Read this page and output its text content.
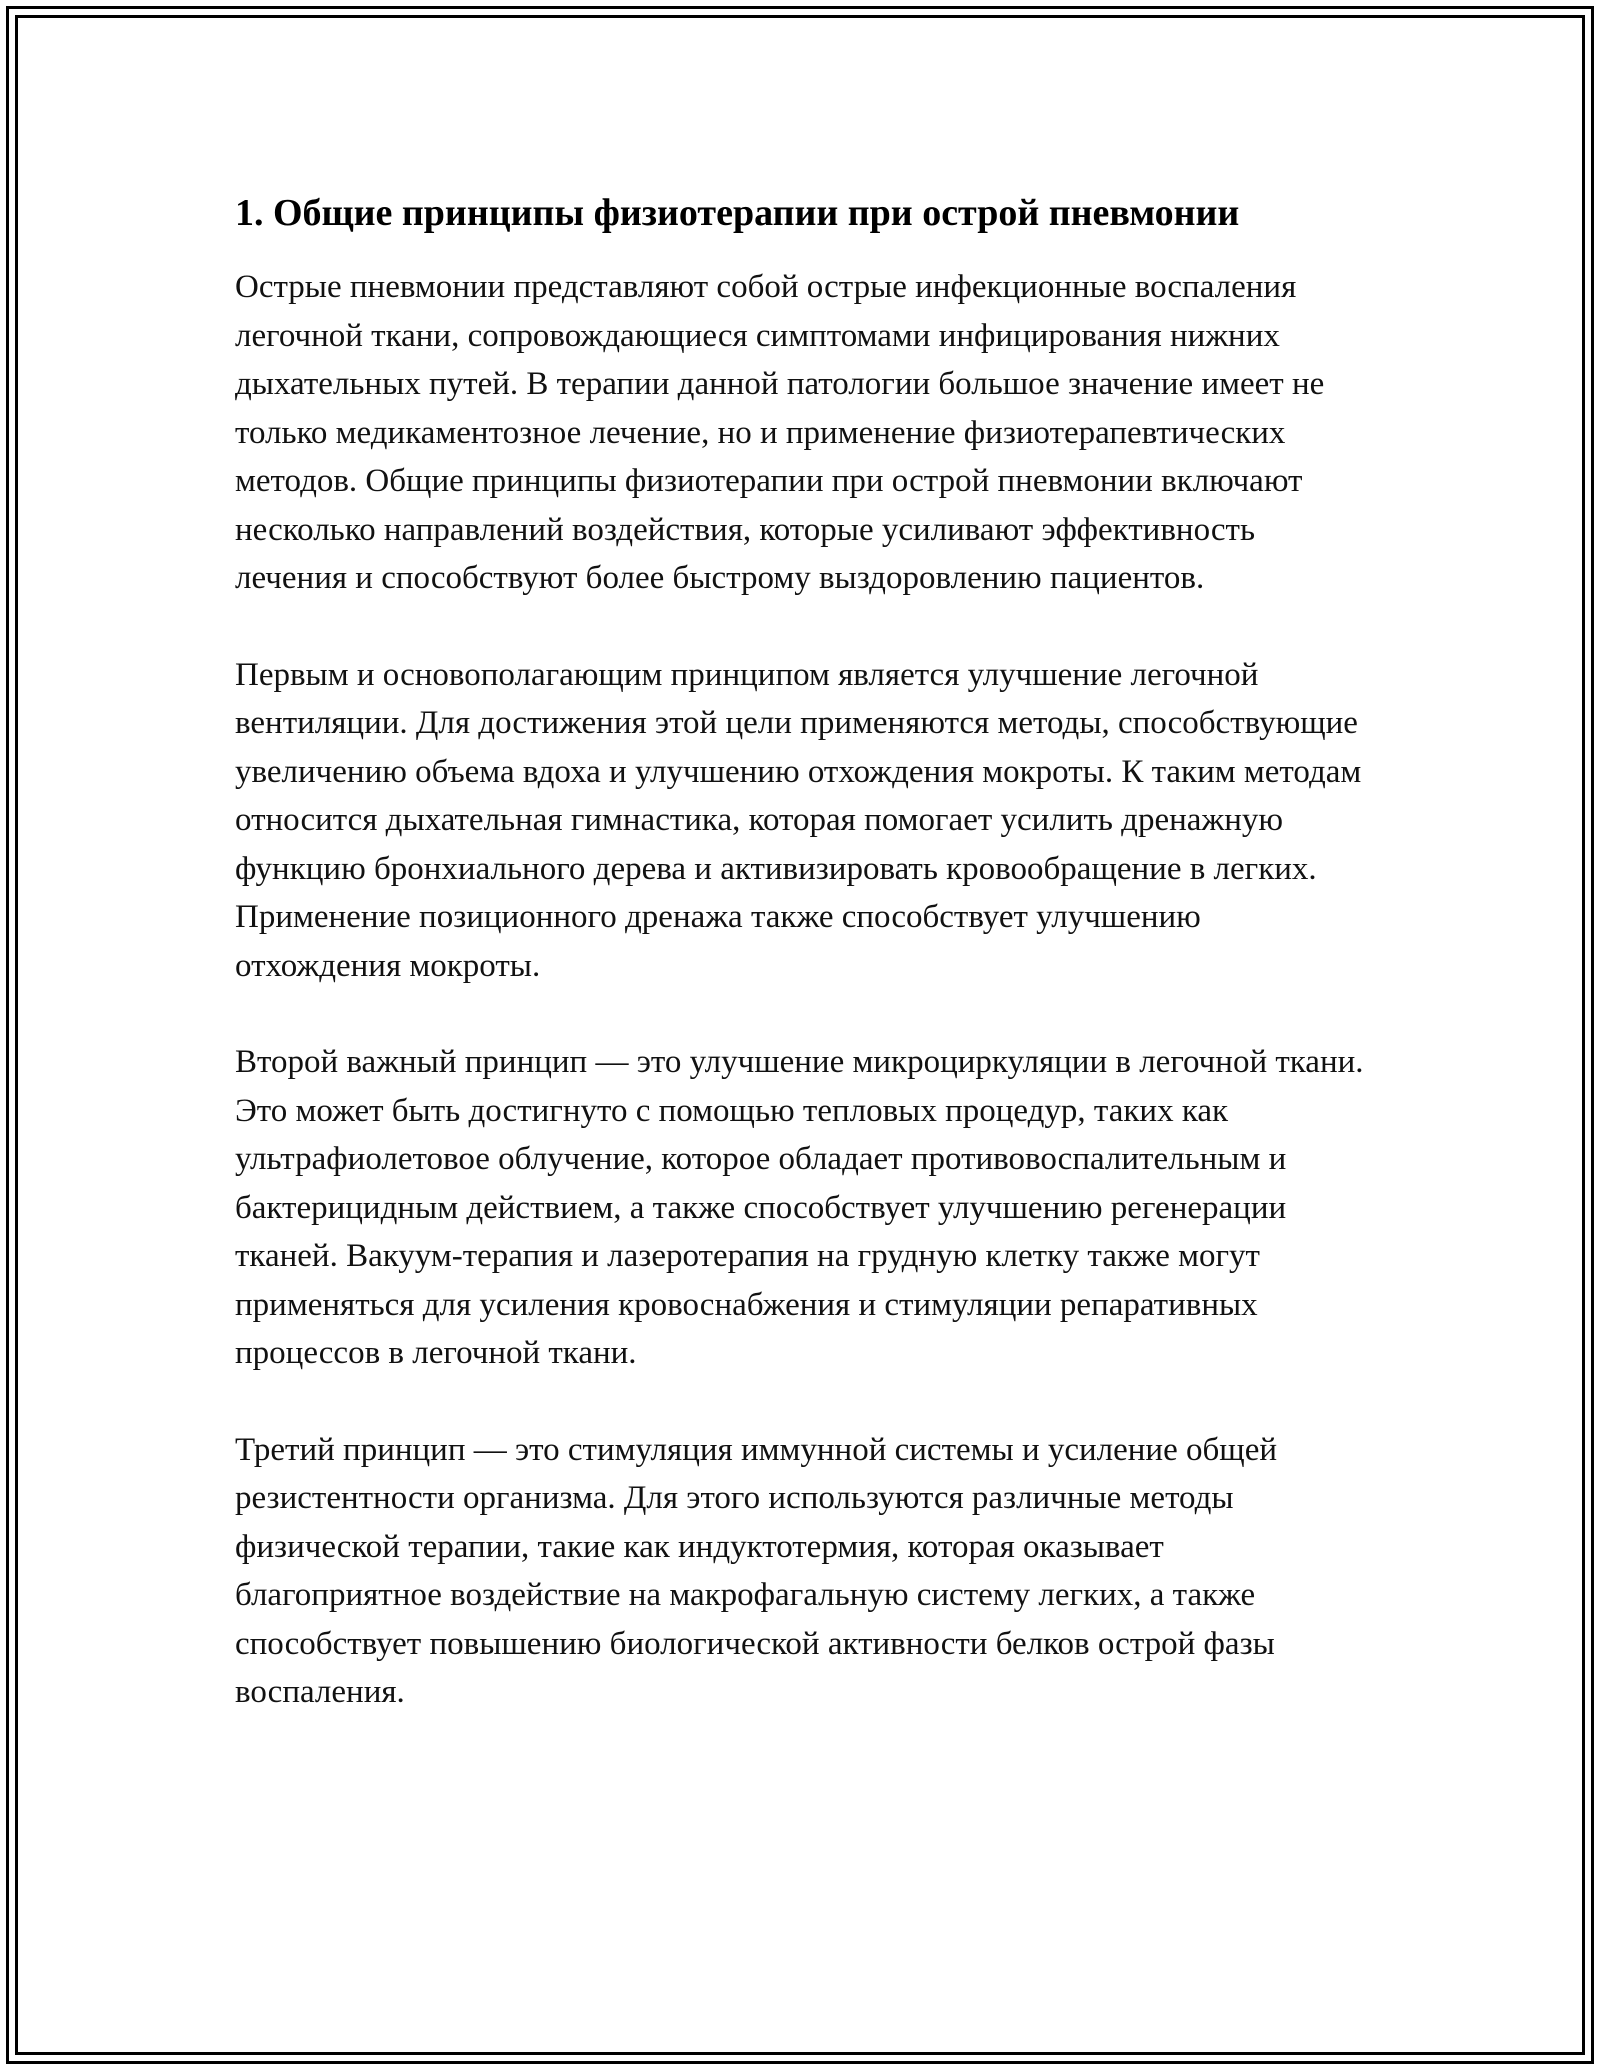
1. Общие принципы физиотерапии при острой пневмонии

Острые пневмонии представляют собой острые инфекционные воспаления легочной ткани, сопровождающиеся симптомами инфицирования нижних дыхательных путей. В терапии данной патологии большое значение имеет не только медикаментозное лечение, но и применение физиотерапевтических методов. Общие принципы физиотерапии при острой пневмонии включают несколько направлений воздействия, которые усиливают эффективность лечения и способствуют более быстрому выздоровлению пациентов.

Первым и основополагающим принципом является улучшение легочной вентиляции. Для достижения этой цели применяются методы, способствующие увеличению объема вдоха и улучшению отхождения мокроты. К таким методам относится дыхательная гимнастика, которая помогает усилить дренажную функцию бронхиального дерева и активизировать кровообращение в легких. Применение позиционного дренажа также способствует улучшению отхождения мокроты.

Второй важный принцип — это улучшение микроциркуляции в легочной ткани. Это может быть достигнуто с помощью тепловых процедур, таких как ультрафиолетовое облучение, которое обладает противовоспалительным и бактерицидным действием, а также способствует улучшению регенерации тканей. Вакуум-терапия и лазеротерапия на грудную клетку также могут применяться для усиления кровоснабжения и стимуляции репаративных процессов в легочной ткани.

Третий принцип — это стимуляция иммунной системы и усиление общей резистентности организма. Для этого используются различные методы физической терапии, такие как индуктотермия, которая оказывает благоприятное воздействие на макрофагальную систему легких, а также способствует повышению биологической активности белков острой фазы воспаления.
